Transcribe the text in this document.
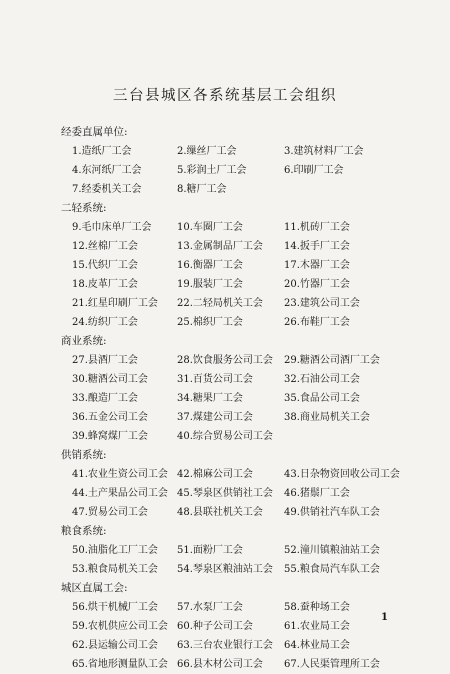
三台县城区各系统基层工会组织
经委直属单位:
1.造纸厂工会	2.缫丝厂工会	3.建筑材料厂工会
4.东河纸厂工会	5.彩润土厂工会	6.印刷厂工会
7.经委机关工会	8.糖厂工会
二轻系统:
9.毛巾床单厂工会	10.车圈厂工会	11.机砖厂工会
12.丝棉厂工会	13.金属制品厂工会 14.扳手厂工会
15.代织厂工会	16.衡器厂工会	17.木器厂工会
18.皮革厂工会	19.服装厂工会	20.竹器厂工会
21.红星印刷厂工会 22.二轻局机关工会 23.建筑公司工会
24.纺织厂工会	25.棉织厂工会	26.布鞋厂工会
商业系统:
27.县酒厂工会	28.饮食服务公司工会 29.糖酒公司酒厂工会
30.糖酒公司工会	31.百货公司工会	32.石油公司工会
33.酿造厂工会	34.糖果厂工会	35.食品公司工会
36.五金公司工会	37.煤建公司工会	38.商业局机关工会
39.蜂窝煤厂工会	40.综合贸易公司工会
供销系统:
41.农业生资公司工会 42.棉麻公司工会	43.日杂物资回收公司工会
44.土产果品公司工会 45.琴泉区供销社工会 46.猪鬃厂工会
47.贸易公司工会	48.县联社机关工会 49.供销社汽车队工会
粮食系统:
50.油脂化工厂工会 51.面粉厂工会	52.潼川镇粮油站工会
53.粮食局机关工会 54.琴泉区粮油站工会 55.粮食局汽车队工会
城区直属工会:
56.烘干机械厂工会 57.水泵厂工会	58.蚕种场工会
59.农机供应公司工会 60.种子公司工会	61.农业局工会
62.县运输公司工会 63.三台农业银行工会 64.林业局工会
65.省地形测量队工会 66.县木材公司工会 67.人民渠管理所工会
1
